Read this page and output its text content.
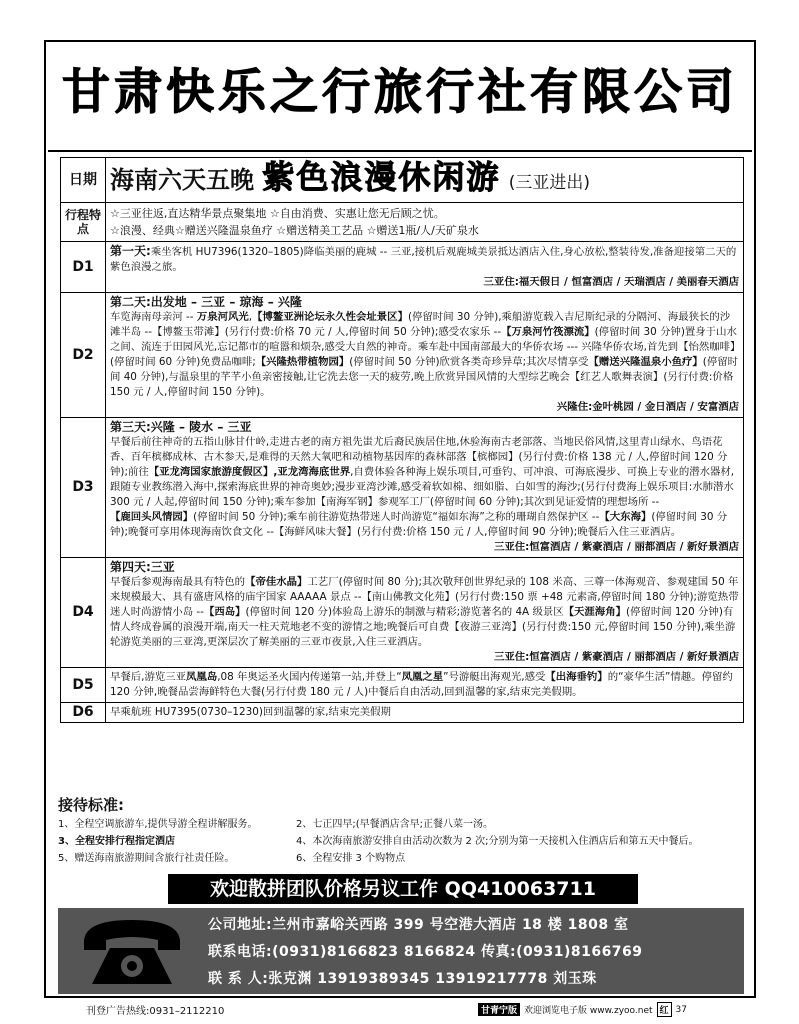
甘肃快乐之行旅行社有限公司
日期	海南六天五晚 紫色浪漫休闲游 (三亚进出)

行程特点	☆三亚往返,直达精华景点聚集地 ☆自由消费、实惠让您无后顾之忧。
☆浪漫、经典☆赠送兴隆温泉鱼疗 ☆赠送精美工艺品 ☆赠送1瓶/人/天矿泉水

D1	第一天:乘坐客机 HU7396(1320–1805)降临美丽的鹿城 -- 三亚,接机后观鹿城美景抵达酒店入住,身心放松,整装待发,准备迎接第二天的紫色浪漫之旅。
三亚住:福天假日 / 恒富酒店 / 天瑞酒店 / 美丽春天酒店

D2	第二天:出发地 – 三亚 – 琼海 – 兴隆
车览海南母亲河 -- 万泉河风光,【博鳌亚洲论坛永久性会址景区】(停留时间 30 分钟),乘船游览载入吉尼斯纪录的分隔河、海最狭长的沙滩半岛 --【博鳌玉带滩】(另行付费:价格 70 元 / 人,停留时间 50 分钟);感受农家乐 --【万泉河竹筏漂流】(停留时间 30 分钟)置身于山水之间、流连于田园风光,忘记都市的喧嚣和烦杂,感受大自然的神奇。乘车赴中国南部最大的华侨农场 --- 兴隆华侨农场,首先到【怡然咖啡】(停留时间 60 分钟)免费品咖啡;【兴隆热带植物园】(停留时间 50 分钟)欣赏各类奇珍异草;其次尽情享受【赠送兴隆温泉小鱼疗】(停留时间 40 分钟),与温泉里的芊芊小鱼亲密接触,让它洗去您一天的疲劳,晚上欣赏异国风情的大型综艺晚会【红艺人歌舞表演】(另行付费:价格 150 元 / 人,停留时间 150 分钟)。
兴隆住:金叶桃园 / 金日酒店 / 安富酒店

D3	第三天:兴隆 – 陵水 – 三亚
早餐后前往神奇的五指山脉甘什岭,走进古老的南方祖先蚩尤后裔民族居住地,休验海南古老部落、当地民俗风情,这里青山绿水、鸟语花香、百年槟榔成林、古木参天,是难得的天然大氧吧和动植物基因库的森林部落【槟榔园】(另行付费:价格 138 元 / 人,停留时间 120 分钟);前往【亚龙湾国家旅游度假区】,亚龙湾海底世界,自费体验各种海上娱乐项目,可垂钓、可冲浪、可海底漫步、可换上专业的潜水器材,跟随专业教练潜入海中,探索海底世界的神奇奥妙;漫步亚湾沙滩,感受着软如棉、细如脂、白如雪的海沙;(另行付费海上娱乐项目:水肺潜水 300 元 / 人起,停留时间 150 分钟);乘车参加【南海军钢】参观军工厂(停留时间 60 分钟);其次到见证爱情的理想场所 --【鹿回头风情园】(停留时间 50 分钟);乘车前往游览热带迷人时尚游览“福如东海”之称的珊瑚自然保护区 --【大东海】(停留时间 30 分钟);晚餐可享用体现海南饮食文化 --【海鲜风味大餐】(另行付费:价格 150 元 / 人,停留时间 90 分钟);晚餐后入住三亚酒店。
三亚住:恒富酒店 / 紫豪酒店 / 丽都酒店 / 新好景酒店

D4	第四天:三亚
早餐后参观海南最具有特色的【帝佳水晶】工艺厂(停留时间 80 分);其次敬拜创世界纪录的 108 米高、三尊一体海观音、参观建国 50 年来规模最大、具有盛唐风格的庙宇国家 AAAAA 景点 --【南山佛教文化苑】(另行付费:150 票 +48 元素斋,停留时间 180 分钟);游览热带迷人时尚游情小岛 --【西岛】(停留时间 120 分)体验岛上游乐的制激与精彩;游览著名的 4A 级景区【天涯海角】(停留时间 120 分钟)有情人终成眷属的浪漫开端,南天一柱天荒地老不变的游情之地;晚餐后可自费【夜游三亚湾】(另行付费:150 元,停留时间 150 分钟),乘坐游轮游览美丽的三亚湾,更深层次了解美丽的三亚市夜景,入住三亚酒店。
三亚住:恒富酒店 / 紫豪酒店 / 丽都酒店 / 新好景酒店

D5	早餐后,游览三亚凤凰岛,08 年奥运圣火国内传递第一站,并登上“凤凰之星”号游艇出海观光,感受【出海垂钓】的“豪华生活”情趣。停留约 120 分钟,晚餐品尝海鲜特色大餐(另行付费 180 元 / 人)中餐后自由活动,回到温馨的家,结束完美假期。

D6	早乘航班 HU7395(0730–1230)回到温馨的家,结束完美假期
接待标准:
1、全程空调旅游车,提供导游全程讲解服务。	2、七正四早;(早餐酒店含早;正餐八菜一汤。
3、全程安排行程指定酒店	4、本次海南旅游安排自由活动次数为 2 次;分别为第一天接机入住酒店后和第五天中餐后。
5、赠送海南旅游期间含旅行社责任险。	6、全程安排 3 个购物点
欢迎散拼团队价格另议工作 QQ410063711
公司地址:兰州市嘉峪关西路 399 号空港大酒店 18 楼 1808 室
联系电话:(0931)8166823 8166824 传真:(0931)8166769
联 系 人:张克渊 13919389345 13919217778 刘玉珠
刊登广告热线:0931–2112210	甘青宁版 欢迎浏览电子版 www.zyoo.net 红 37
